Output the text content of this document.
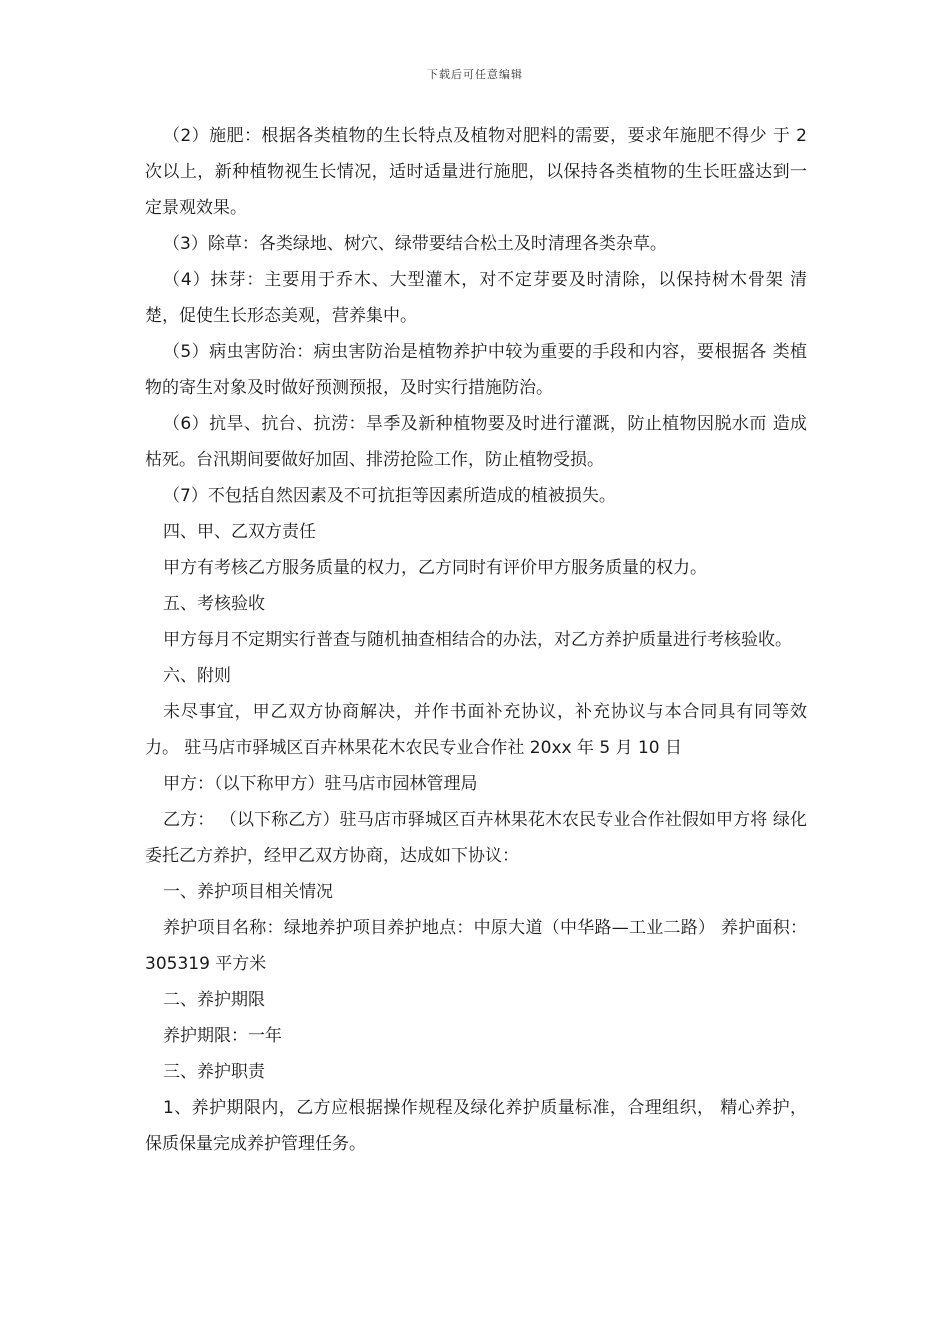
下载后可任意编辑

（2）施肥：根据各类植物的生长特点及植物对肥料的需要，要求年施肥不得少 于 2 次以上，新种植物视生长情况，适时适量进行施肥，以保持各类植物的生长旺盛达到一定景观效果。

（3）除草：各类绿地、树穴、绿带要结合松土及时清理各类杂草。

（4）抹芽：主要用于乔木、大型灌木，对不定芽要及时清除，以保持树木骨架 清楚，促使生长形态美观，营养集中。

（5）病虫害防治：病虫害防治是植物养护中较为重要的手段和内容，要根据各 类植物的寄生对象及时做好预测预报，及时实行措施防治。

（6）抗旱、抗台、抗涝：旱季及新种植物要及时进行灌溉，防止植物因脱水而 造成枯死。台汛期间要做好加固、排涝抢险工作，防止植物受损。

（7）不包括自然因素及不可抗拒等因素所造成的植被损失。

四、甲、乙双方责任

甲方有考核乙方服务质量的权力，乙方同时有评价甲方服务质量的权力。

五、考核验收

甲方每月不定期实行普查与随机抽查相结合的办法，对乙方养护质量进行考核验收。

六、附则

未尽事宜，甲乙双方协商解决，并作书面补充协议，补充协议与本合同具有同等效力。 驻马店市驿城区百卉林果花木农民专业合作社 20xx 年 5 月 10 日

甲方：（以下称甲方）驻马店市园林管理局

乙方： （以下称乙方）驻马店市驿城区百卉林果花木农民专业合作社假如甲方将 绿化委托乙方养护，经甲乙双方协商，达成如下协议：

一、养护项目相关情况

养护项目名称：绿地养护项目养护地点：中原大道（中华路—工业二路） 养护面积：305319 平方米

二、养护期限

养护期限：一年

三、养护职责

1、养护期限内，乙方应根据操作规程及绿化养护质量标准，合理组织， 精心养护，保质保量完成养护管理任务。
